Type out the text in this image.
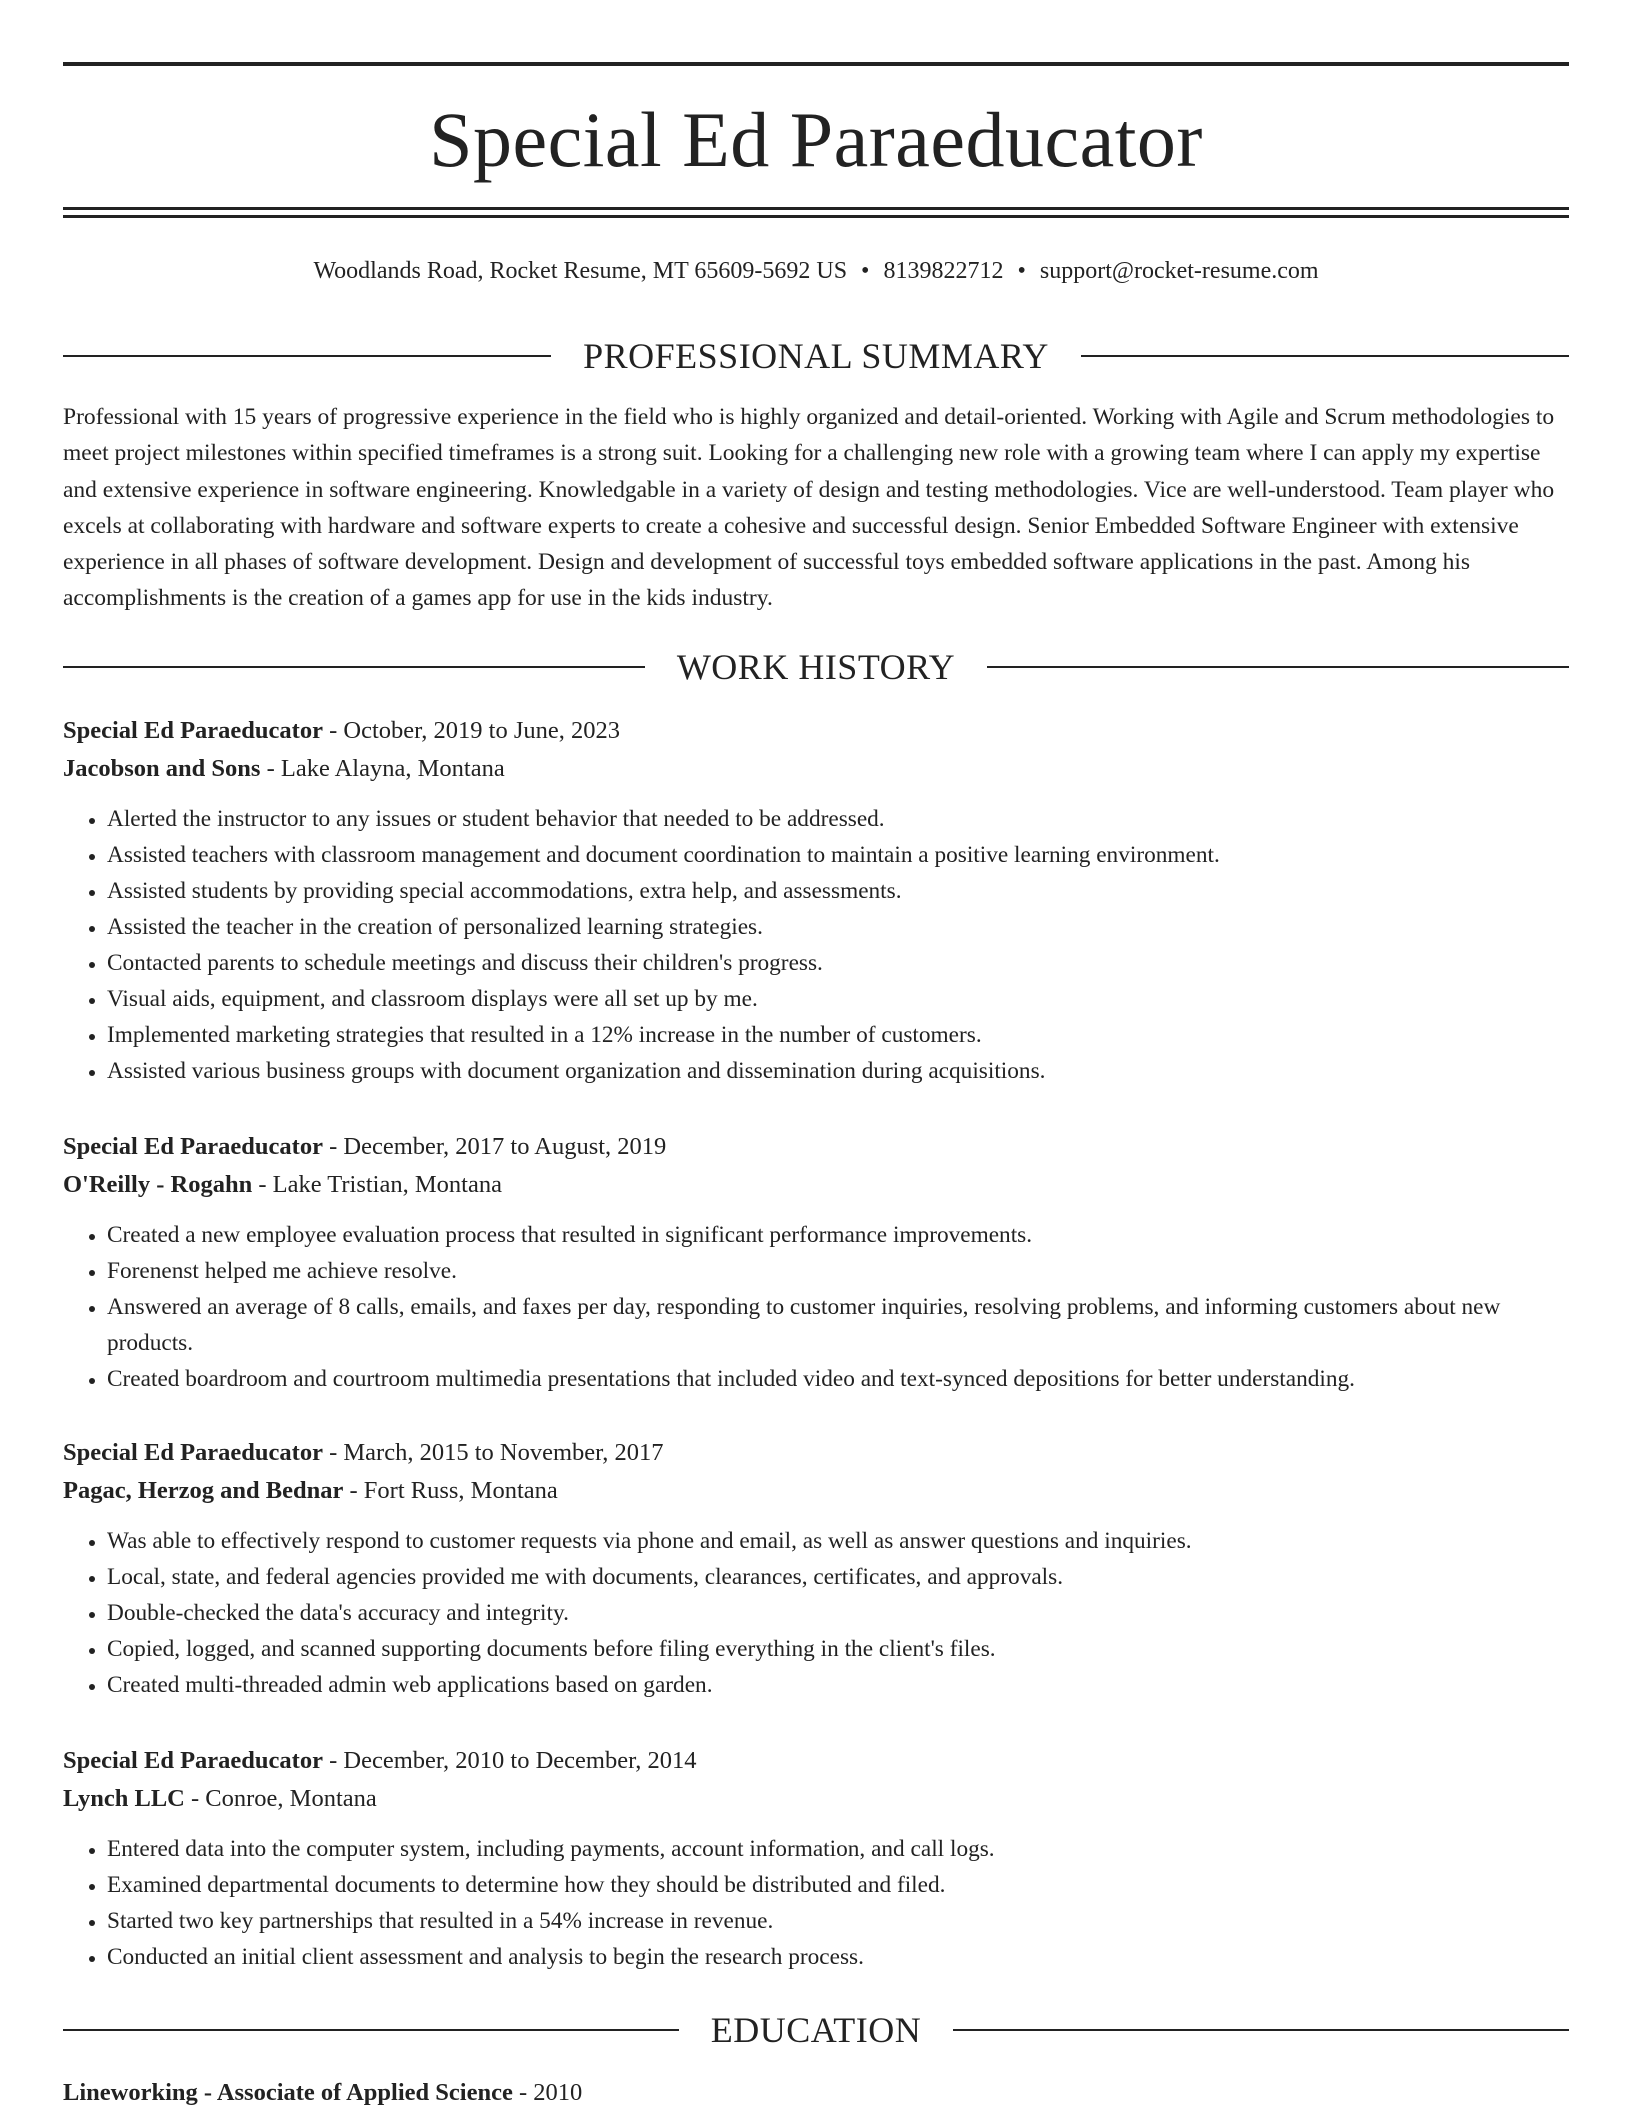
Special Ed Paraeducator
Woodlands Road, Rocket Resume, MT 65609-5692 US • 8139822712 • support@rocket-resume.com
PROFESSIONAL SUMMARY

Professional with 15 years of progressive experience in the field who is highly organized and detail-oriented. Working with Agile and Scrum methodologies to meet project milestones within specified timeframes is a strong suit. Looking for a challenging new role with a growing team where I can apply my expertise and extensive experience in software engineering. Knowledgable in a variety of design and testing methodologies. Vice are well-understood. Team player who excels at collaborating with hardware and software experts to create a cohesive and successful design. Senior Embedded Software Engineer with extensive experience in all phases of software development. Design and development of successful toys embedded software applications in the past. Among his accomplishments is the creation of a games app for use in the kids industry.

WORK HISTORY
Special Ed Paraeducator - October, 2019 to June, 2023
Jacobson and Sons - Lake Alayna, Montana
• Alerted the instructor to any issues or student behavior that needed to be addressed.
• Assisted teachers with classroom management and document coordination to maintain a positive learning environment.
• Assisted students by providing special accommodations, extra help, and assessments.
• Assisted the teacher in the creation of personalized learning strategies.
• Contacted parents to schedule meetings and discuss their children's progress.
• Visual aids, equipment, and classroom displays were all set up by me.
• Implemented marketing strategies that resulted in a 12% increase in the number of customers.
• Assisted various business groups with document organization and dissemination during acquisitions.
Special Ed Paraeducator - December, 2017 to August, 2019
O'Reilly - Rogahn - Lake Tristian, Montana
• Created a new employee evaluation process that resulted in significant performance improvements.
• Forenenst helped me achieve resolve.
• Answered an average of 8 calls, emails, and faxes per day, responding to customer inquiries, resolving problems, and informing customers about new products.
• Created boardroom and courtroom multimedia presentations that included video and text-synced depositions for better understanding.
Special Ed Paraeducator - March, 2015 to November, 2017
Pagac, Herzog and Bednar - Fort Russ, Montana
• Was able to effectively respond to customer requests via phone and email, as well as answer questions and inquiries.
• Local, state, and federal agencies provided me with documents, clearances, certificates, and approvals.
• Double-checked the data's accuracy and integrity.
• Copied, logged, and scanned supporting documents before filing everything in the client's files.
• Created multi-threaded admin web applications based on garden.
Special Ed Paraeducator - December, 2010 to December, 2014
Lynch LLC - Conroe, Montana
• Entered data into the computer system, including payments, account information, and call logs.
• Examined departmental documents to determine how they should be distributed and filed.
• Started two key partnerships that resulted in a 54% increase in revenue.
• Conducted an initial client assessment and analysis to begin the research process.
EDUCATION
Lineworking - Associate of Applied Science - 2010
